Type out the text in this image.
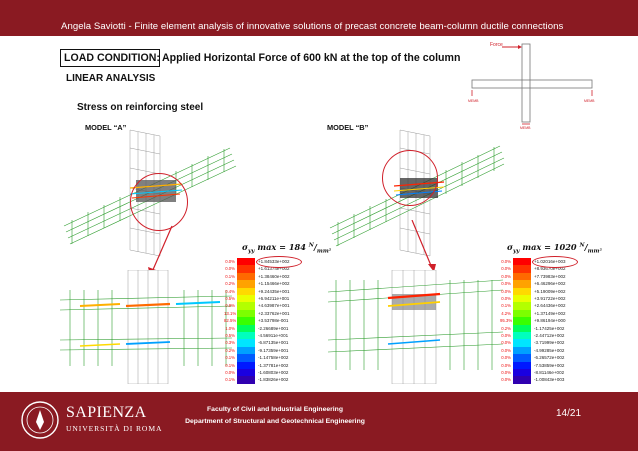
Angela Saviotti - Finite element analysis of innovative solutions of precast concrete beam-column ductile connections
LOAD CONDITION: Applied Horizontal Force of 600 kN at the top of the column
LINEAR ANALYSIS
Stress on reinforcing steel
Force
MEMB	MEMB
MEMB
MODEL “A”	MODEL “B”
$\sigma_{yy}$ max = 184 $^N/_{mm^2}$	$\sigma_{yy}$ max = 1020 $^N/_{mm^2}$
0.0%	+1.84533e+002
0.0%	+1.61374e+002
0.1%	+1.38460e+002
0.2%	+1.15466e+002
0.4%	+9.24435e+001
0.5%	+6.94211e+001
0.9%	+4.63987e+001
13.1%	+2.33762e+001
82.5%	+3.53798e-001
1.0%	-2.26689e+001
0.5%	-4.56911e+001
0.3%	-6.87135e+001
0.2%	-9.17359e+001
0.1%	-1.14758e+002
0.1%	-1.37781e+002
0.0%	-1.60803e+002
0.1%	-1.83826e+002
0.0%	+1.02016e+003
0.0%	+8.93670e+002
0.0%	+7.73983e+002
0.0%	+6.46296e+002
0.0%	+5.19009e+002
0.0%	+3.91722e+002
0.1%	+2.64436e+002
4.2%	+1.37149e+002
95.3%	+9.86194e+000
0.2%	-1.17425e+002
0.0%	-2.44712e+002
0.0%	-3.71999e+002
0.0%	-4.99285e+002
0.0%	-6.26572e+002
0.0%	-7.53859e+002
0.0%	-8.81146e+002
0.0%	-1.00843e+003
SAPIENZA
UNIVERSITÀ DI ROMA
Faculty of Civil and Industrial Engineering
Department of Structural and Geotechnical Engineering
14/21
